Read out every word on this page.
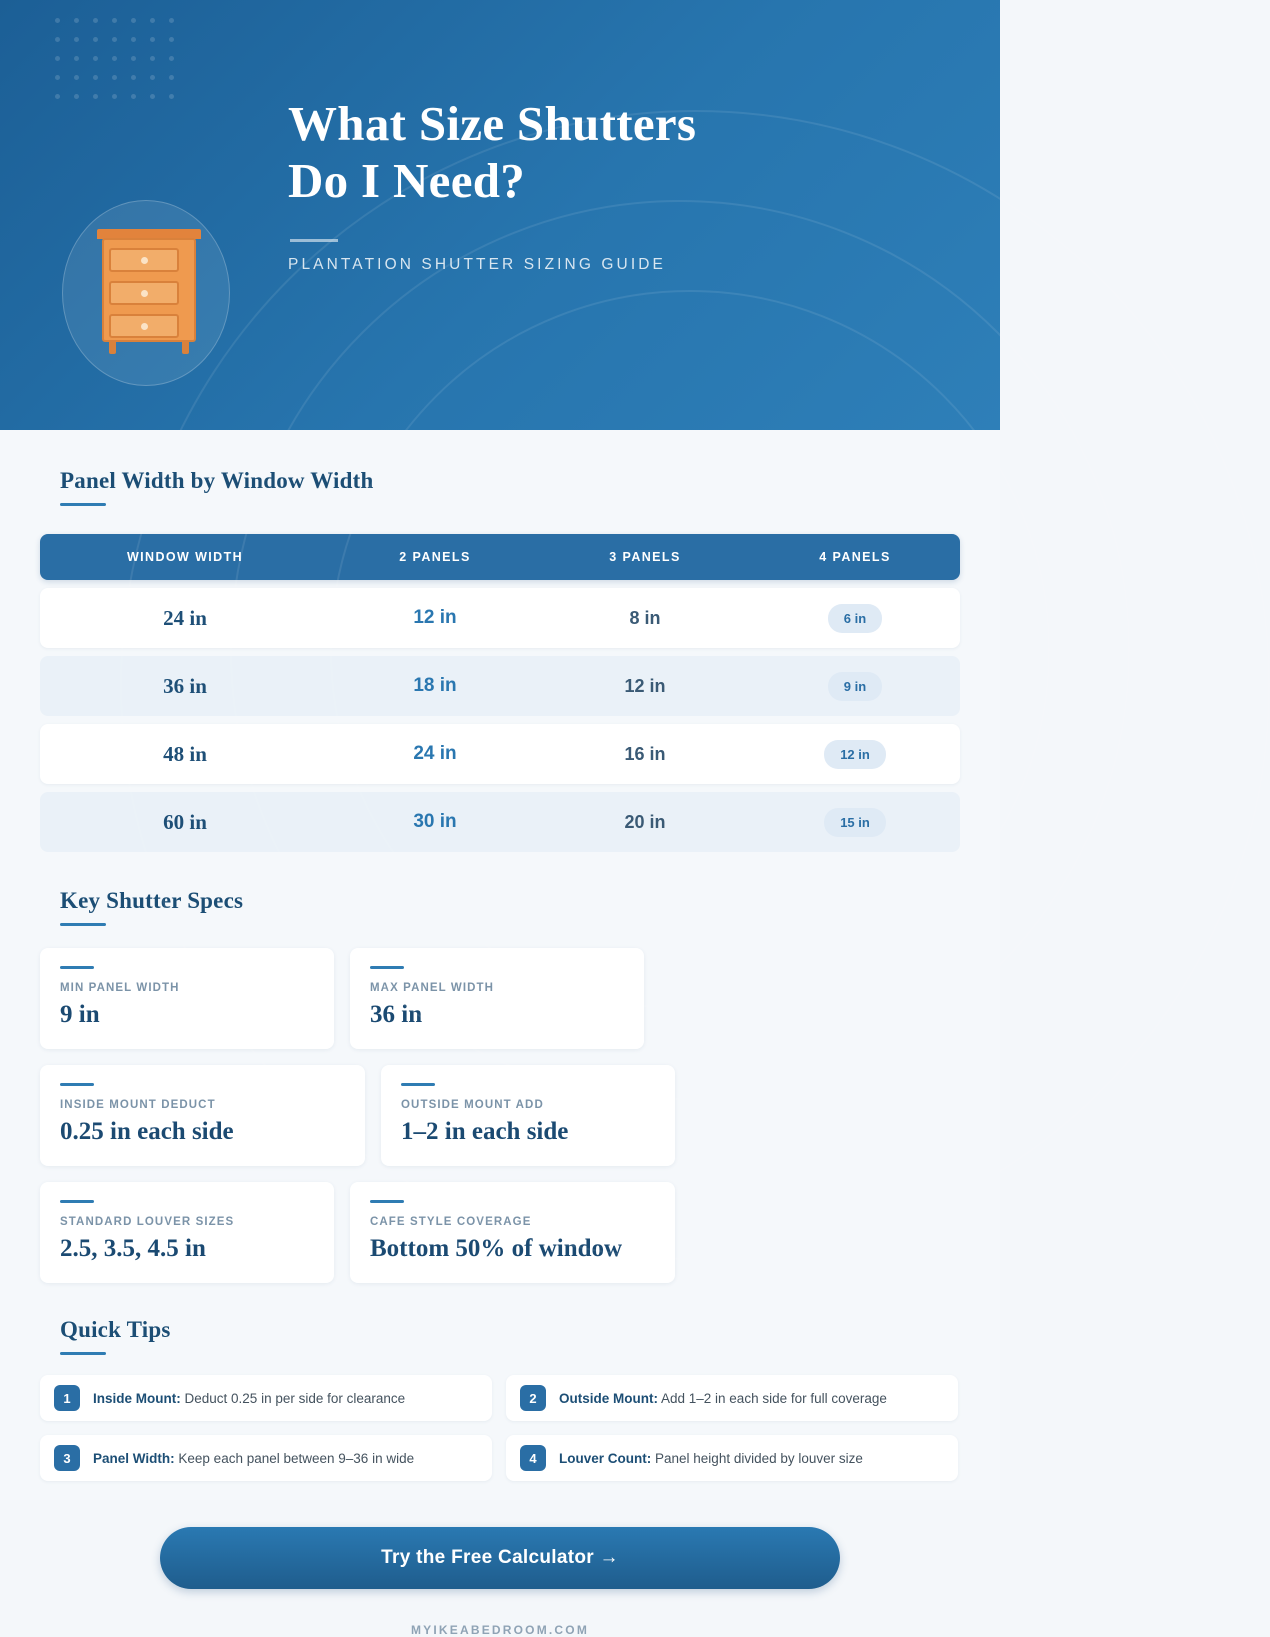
What Size Shutters
Do I Need?
PLANTATION SHUTTER SIZING GUIDE
Panel Width by Window Width
WINDOW WIDTH	2 PANELS	3 PANELS	4 PANELS
24 in	12 in	8 in	6 in
36 in	18 in	12 in	9 in
48 in	24 in	16 in	12 in
60 in	30 in	20 in	15 in
Key Shutter Specs
MIN PANEL WIDTH
9 in
MAX PANEL WIDTH
36 in
INSIDE MOUNT DEDUCT
0.25 in each side
OUTSIDE MOUNT ADD
1–2 in each side
STANDARD LOUVER SIZES
2.5, 3.5, 4.5 in
CAFE STYLE COVERAGE
Bottom 50% of window
Quick Tips
1	Inside Mount: Deduct 0.25 in per side for clearance	2	Outside Mount: Add 1–2 in each side for full coverage
3	Panel Width: Keep each panel between 9–36 in wide	4	Louver Count: Panel height divided by louver size
Try the Free Calculator →
MYIKEABEDROOM.COM
